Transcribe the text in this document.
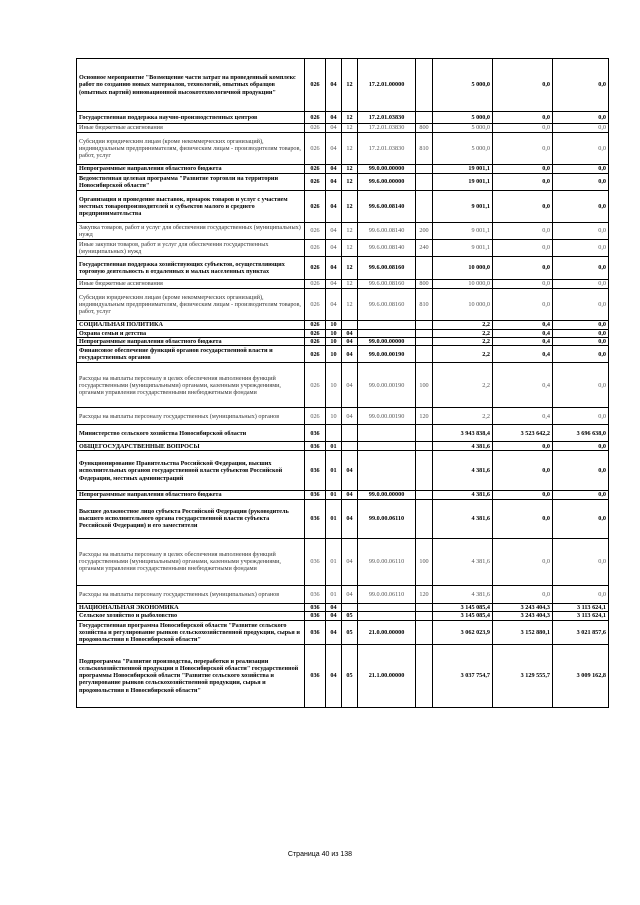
Основное мероприятие "Возмещение части затрат на проведенный комплекс работ по созданию новых материалов, технологий, опытных образцов (опытных партий) инновационной высокотехнологичной продукции"	026	04	12	17.2.01.00000		5 000,0	0,0	0,0
Государственная поддержка научно-производственных центров	026	04	12	17.2.01.03830		5 000,0	0,0	0,0
Иные бюджетные ассигнования	026	04	12	17.2.01.03830	800	5 000,0	0,0	0,0
Субсидии юридическим лицам (кроме некоммерческих организаций), индивидуальным предпринимателям, физическим лицам - производителям товаров, работ, услуг	026	04	12	17.2.01.03830	810	5 000,0	0,0	0,0
Непрограммные направления областного бюджета	026	04	12	99.0.00.00000		19 001,1	0,0	0,0
Ведомственная целевая программа "Развитие торговли на территории Новосибирской области"	026	04	12	99.6.00.00000		19 001,1	0,0	0,0
Организация и проведение выставок, ярмарок товаров и услуг с участием местных товаропроизводителей и субъектов малого и среднего предпринимательства	026	04	12	99.6.00.08140		9 001,1	0,0	0,0
Закупка товаров, работ и услуг для обеспечения государственных (муниципальных) нужд	026	04	12	99.6.00.08140	200	9 001,1	0,0	0,0
Иные закупки товаров, работ и услуг для обеспечения государственных (муниципальных) нужд	026	04	12	99.6.00.08140	240	9 001,1	0,0	0,0
Государственная поддержка хозяйствующих субъектов, осуществляющих торговую деятельность в отдаленных и малых населенных пунктах	026	04	12	99.6.00.08160		10 000,0	0,0	0,0
Иные бюджетные ассигнования	026	04	12	99.6.00.08160	800	10 000,0	0,0	0,0
Субсидии юридическим лицам (кроме некоммерческих организаций), индивидуальным предпринимателям, физическим лицам - производителям товаров, работ, услуг	026	04	12	99.6.00.08160	810	10 000,0	0,0	0,0
СОЦИАЛЬНАЯ ПОЛИТИКА	026	10				2,2	0,4	0,0
Охрана семьи и детства	026	10	04			2,2	0,4	0,0
Непрограммные направления областного бюджета	026	10	04	99.0.00.00000		2,2	0,4	0,0
Финансовое обеспечение функций органов государственной власти и государственных органов	026	10	04	99.0.00.00190		2,2	0,4	0,0
Расходы на выплаты персоналу в целях обеспечения выполнения функций государственными (муниципальными) органами, казенными учреждениями, органами управления государственными внебюджетными фондами	026	10	04	99.0.00.00190	100	2,2	0,4	0,0
Расходы на выплаты персоналу государственных (муниципальных) органов	026	10	04	99.0.00.00190	120	2,2	0,4	0,0
Министерство сельского хозяйства Новосибирской области	036					3 943 838,4	3 523 642,2	3 696 638,0
ОБЩЕГОСУДАРСТВЕННЫЕ ВОПРОСЫ	036	01				4 381,6	0,0	0,0
Функционирование Правительства Российской Федерации, высших исполнительных органов государственной власти субъектов Российской Федерации, местных администраций	036	01	04			4 381,6	0,0	0,0
Непрограммные направления областного бюджета	036	01	04	99.0.00.00000		4 381,6	0,0	0,0
Высшее должностное лицо субъекта Российской Федерации (руководитель высшего исполнительного органа государственной власти субъекта Российской Федерации) и его заместители	036	01	04	99.0.00.06110		4 381,6	0,0	0,0
Расходы на выплаты персоналу в целях обеспечения выполнения функций государственными (муниципальными) органами, казенными учреждениями, органами управления государственными внебюджетными фондами	036	01	04	99.0.00.06110	100	4 381,6	0,0	0,0
Расходы на выплаты персоналу государственных (муниципальных) органов	036	01	04	99.0.00.06110	120	4 381,6	0,0	0,0
НАЦИОНАЛЬНАЯ ЭКОНОМИКА	036	04				3 145 085,4	3 243 404,3	3 113 624,1
Сельское хозяйство и рыболовство	036	04	05			3 145 085,4	3 243 404,3	3 113 624,1
Государственная программа Новосибирской области "Развитие сельского хозяйства и регулирование рынков сельскохозяйственной продукции, сырья и продовольствия в Новосибирской области"	036	04	05	21.0.00.00000		3 062 023,9	3 152 880,1	3 021 857,6
Подпрограмма "Развитие производства, переработки и реализации сельскохозяйственной продукции в Новосибирской области" государственной программы Новосибирской области "Развитие сельского хозяйства и регулирование рынков сельскохозяйственной продукции, сырья и продовольствия в Новосибирской области"	036	04	05	21.1.00.00000		3 037 754,7	3 129 555,7	3 009 162,8
Страница 40 из 138
